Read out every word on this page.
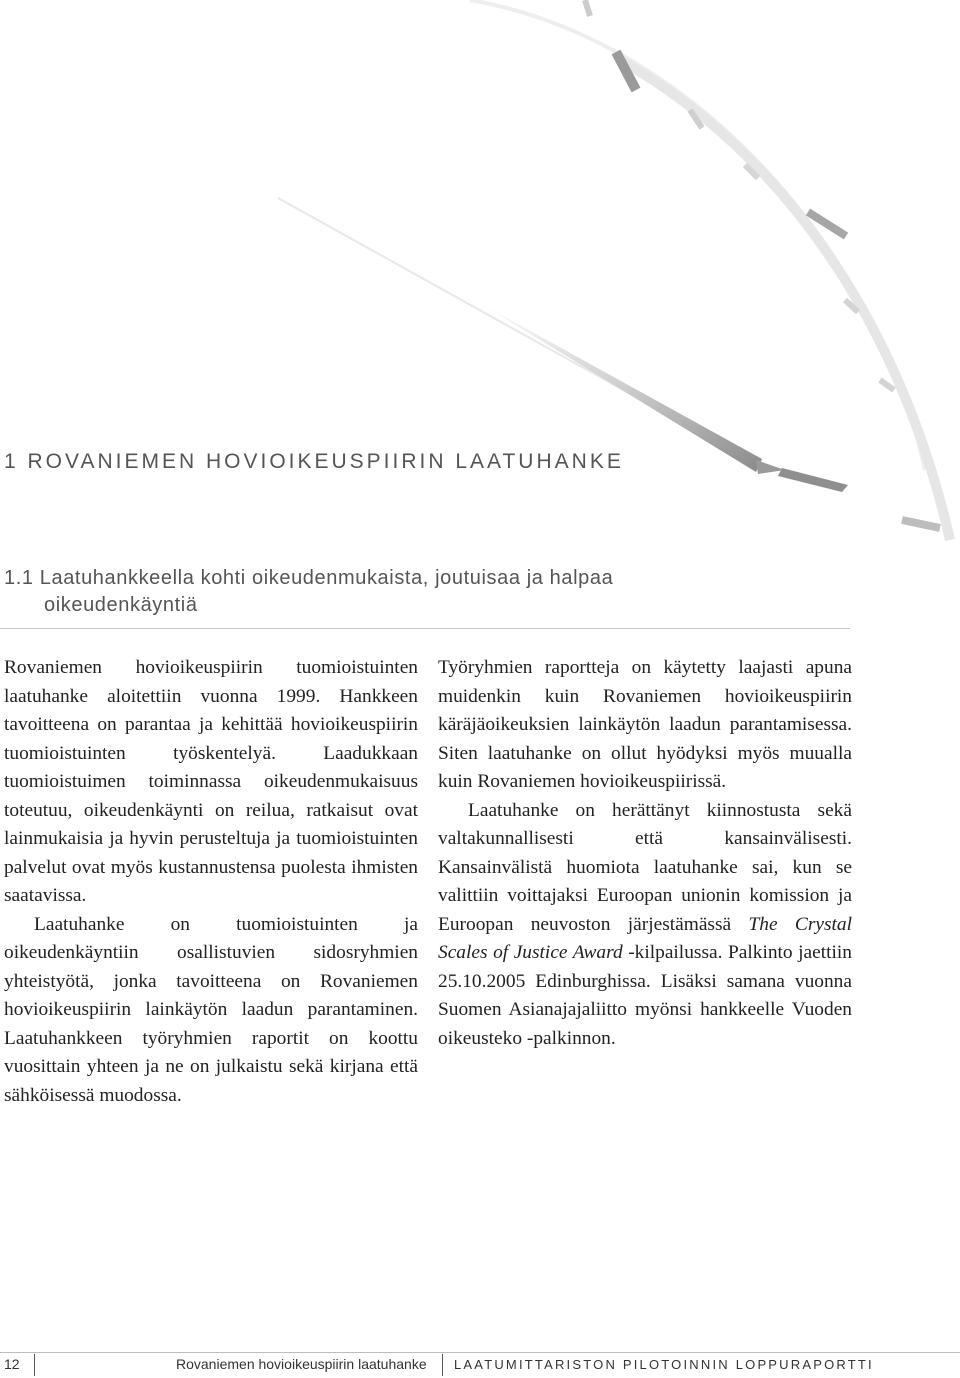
1 ROVANIEMEN HOVIOIKEUSPIIRIN LAATUHANKE
1.1 Laatuhankkeella kohti oikeudenmukaista, joutuisaa ja halpaa
oikeudenkäyntiä

Rovaniemen hovioikeuspiirin tuomioistuinten laatuhanke aloitettiin vuonna 1999. Hankkeen tavoitteena on parantaa ja kehittää hovioikeuspiirin tuomioistuinten työskentelyä. Laadukkaan tuomioistuimen toiminnassa oikeudenmukaisuus toteutuu, oikeudenkäynti on reilua, ratkaisut ovat lainmukaisia ja hyvin perusteltuja ja tuomioistuinten palvelut ovat myös kustannustensa puolesta ihmisten saatavissa.

Laatuhanke on tuomioistuinten ja oikeudenkäyntiin osallistuvien sidosryhmien yhteistyötä, jonka tavoitteena on Rovaniemen hovioikeuspiirin lainkäytön laadun parantaminen. Laatuhankkeen työryhmien raportit on koottu vuosittain yhteen ja ne on julkaistu sekä kirjana että sähköisessä muodossa.

Työryhmien raportteja on käytetty laajasti apuna muidenkin kuin Rovaniemen hovioikeuspiirin käräjäoikeuksien lainkäytön laadun parantamisessa. Siten laatuhanke on ollut hyödyksi myös muualla kuin Rovaniemen hovioikeuspiirissä.

Laatuhanke on herättänyt kiinnostusta sekä valtakunnallisesti että kansainvälisesti. Kansainvälistä huomiota laatuhanke sai, kun se valittiin voittajaksi Euroopan unionin komission ja Euroopan neuvoston järjestämässä The Crystal Scales of Justice Award -kilpailussa. Palkinto jaettiin 25.10.2005 Edinburghissa. Lisäksi samana vuonna Suomen Asianajajaliitto myönsi hankkeelle Vuoden oikeusteko -palkinnon.

12	Rovaniemen hovioikeuspiirin laatuhanke LAATUMITTARISTON PILOTOINNIN LOPPURAPORTTI
